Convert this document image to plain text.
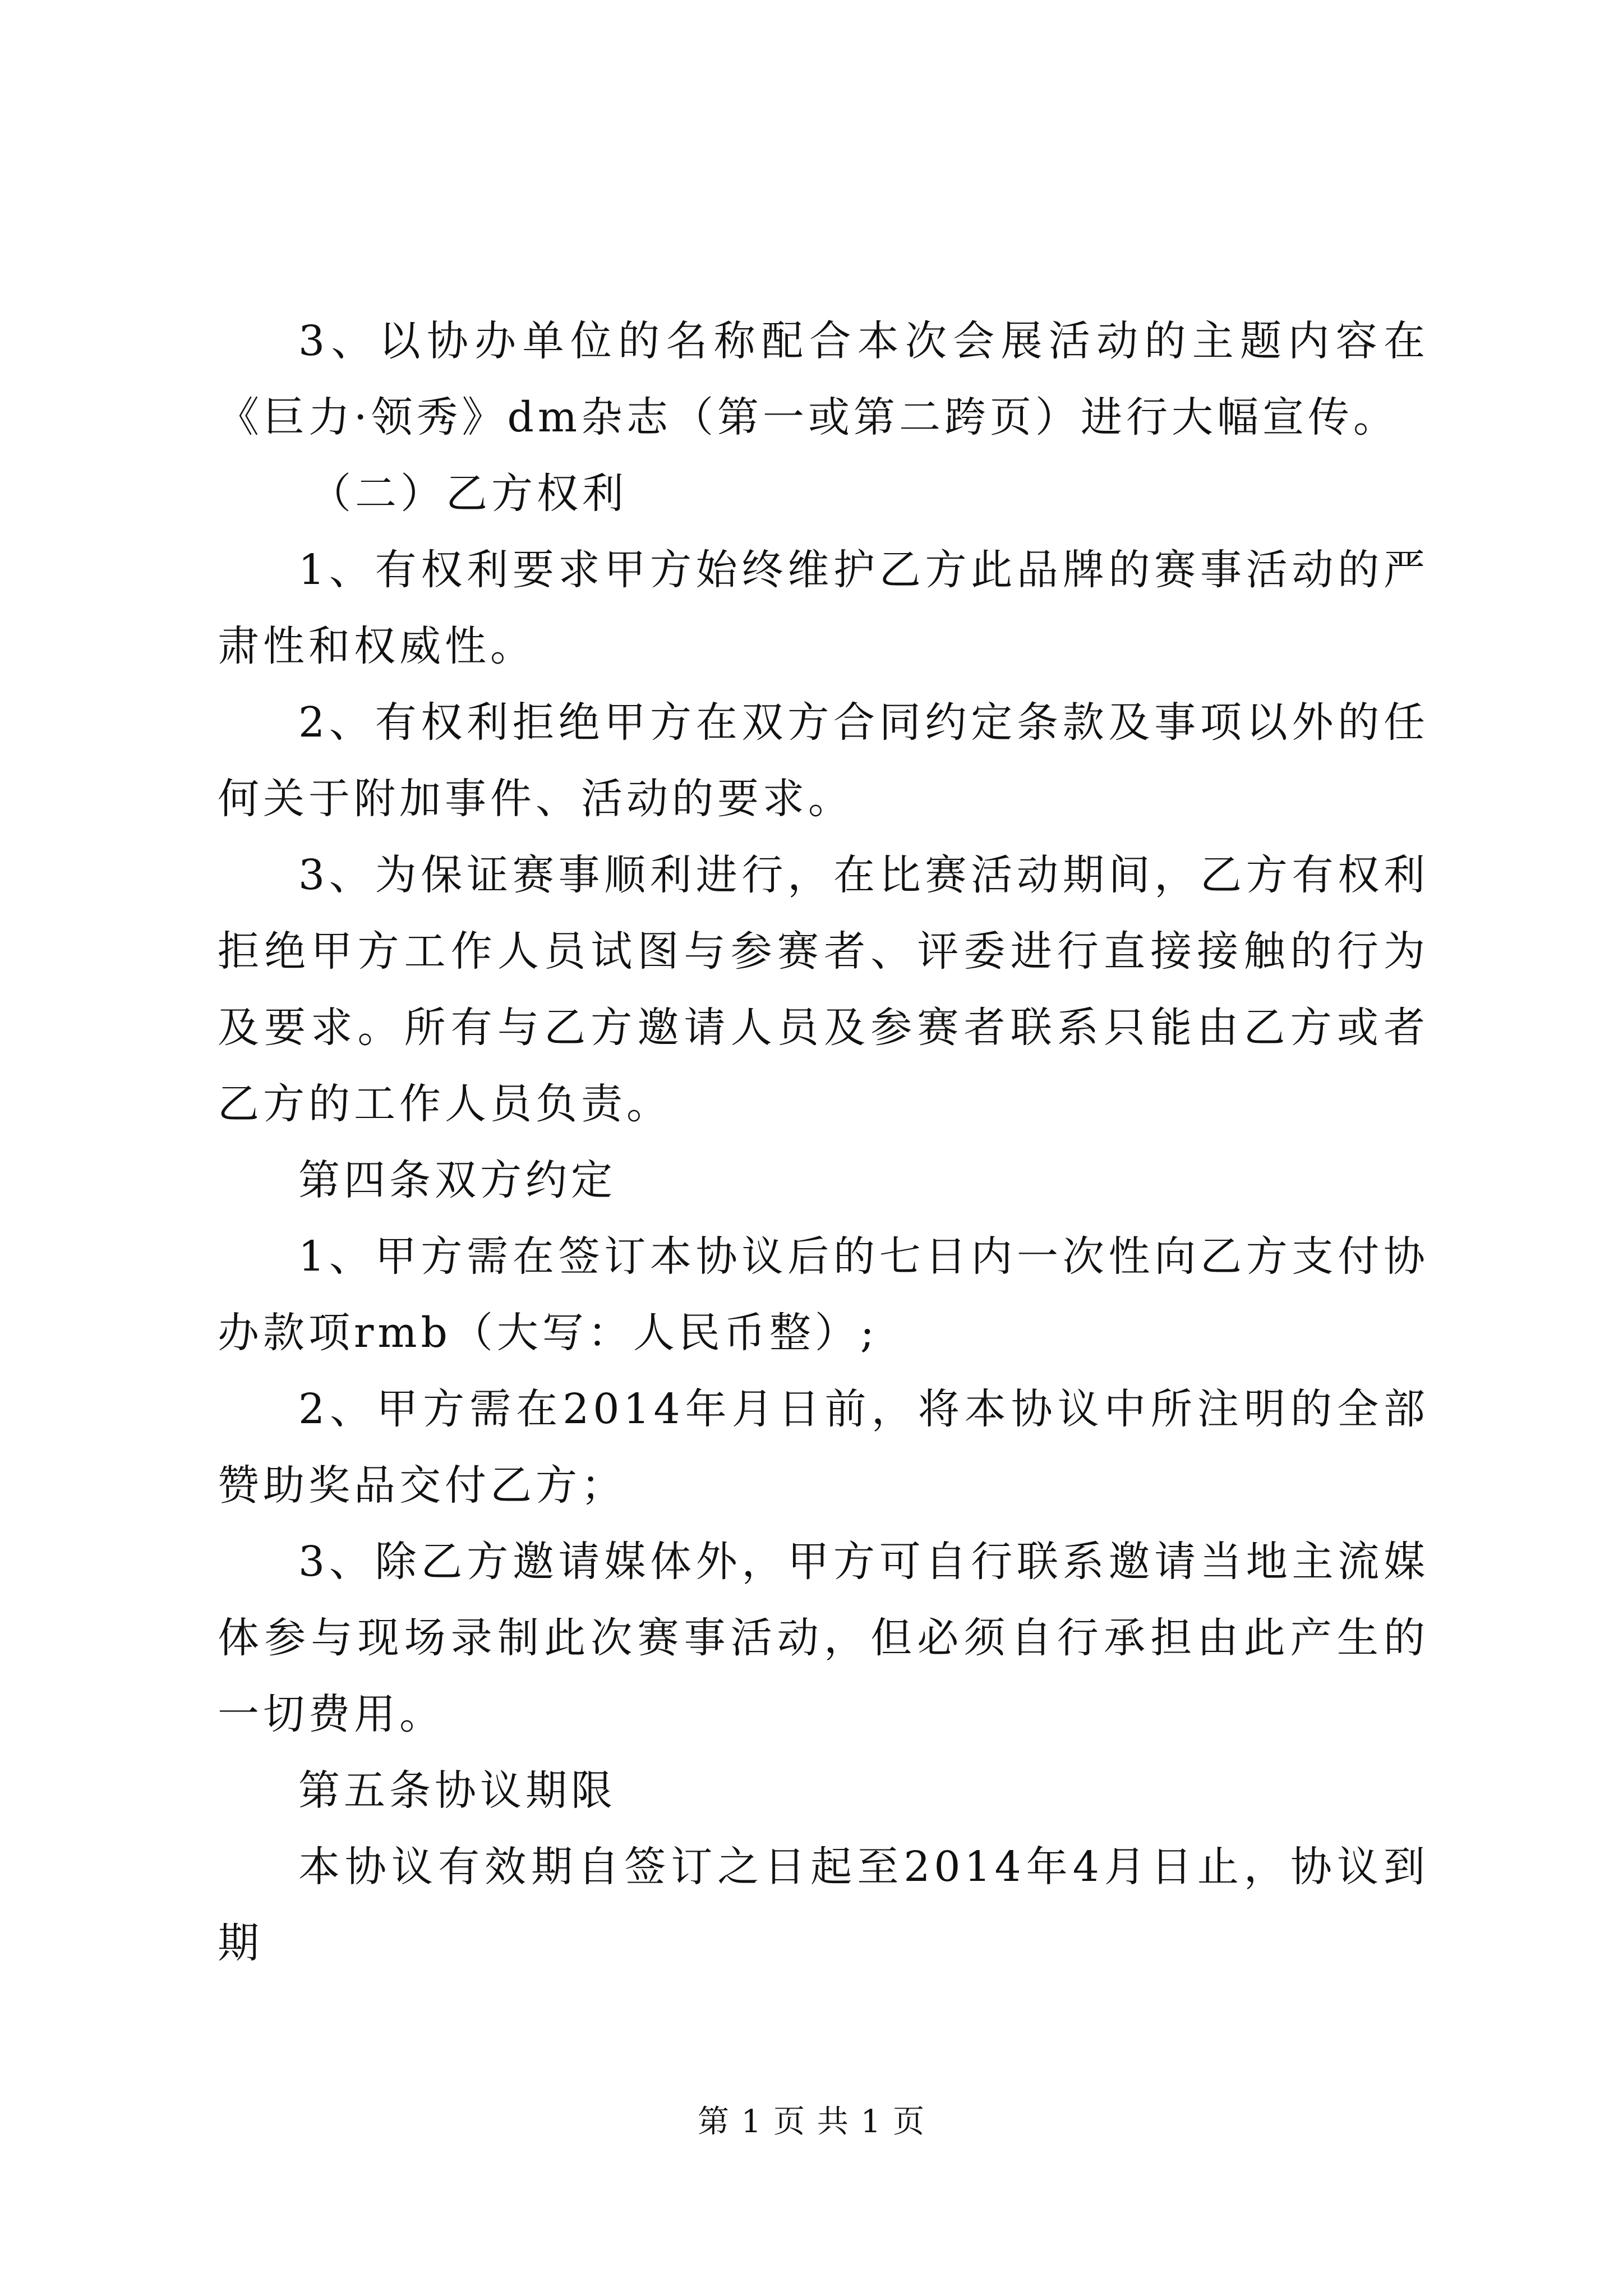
3、以协办单位的名称配合本次会展活动的主题内容在《巨力·领秀》dm杂志（第一或第二跨页）进行大幅宣传。

（二）乙方权利

1、有权利要求甲方始终维护乙方此品牌的赛事活动的严肃性和权威性。

2、有权利拒绝甲方在双方合同约定条款及事项以外的任何关于附加事件、活动的要求。

3、为保证赛事顺利进行，在比赛活动期间，乙方有权利拒绝甲方工作人员试图与参赛者、评委进行直接接触的行为及要求。所有与乙方邀请人员及参赛者联系只能由乙方或者乙方的工作人员负责。

第四条双方约定

1、甲方需在签订本协议后的七日内一次性向乙方支付协办款项rmb（大写：人民币整）;

2、甲方需在2014年月日前，将本协议中所注明的全部赞助奖品交付乙方；

3、除乙方邀请媒体外，甲方可自行联系邀请当地主流媒体参与现场录制此次赛事活动，但必须自行承担由此产生的一切费用。

第五条协议期限

本协议有效期自签订之日起至2014年4月日止，协议到期

第 1 页 共 1 页
